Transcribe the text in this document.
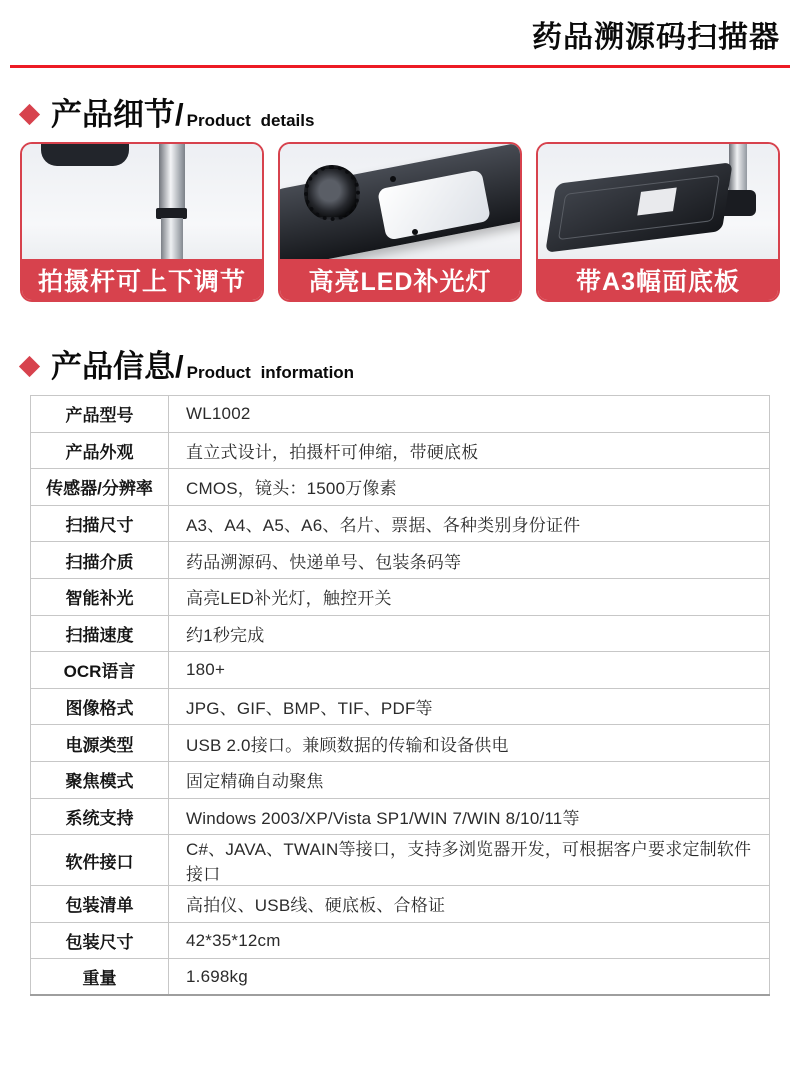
药品溯源码扫描器
产品细节/ Product details
拍摄杆可上下调节	高亮LED补光灯	带A3幅面底板
产品信息/ Product information
产品型号	WL1002
产品外观	直立式设计，拍摄杆可伸缩，带硬底板
传感器/分辨率	CMOS，镜头：1500万像素
扫描尺寸	A3、A4、A5、A6、名片、票据、各种类别身份证件
扫描介质	药品溯源码、快递单号、包装条码等
智能补光	高亮LED补光灯，触控开关
扫描速度	约1秒完成
OCR语言	180+
图像格式	JPG、GIF、BMP、TIF、PDF等
电源类型	USB 2.0接口。兼顾数据的传输和设备供电
聚焦模式	固定精确自动聚焦
系统支持	Windows 2003/XP/Vista SP1/WIN 7/WIN 8/10/11等
软件接口	C#、JAVA、TWAIN等接口，支持多浏览器开发，可根据客户要求定制软件接口
包装清单	高拍仪、USB线、硬底板、合格证
包装尺寸	42*35*12cm
重量	1.698kg
